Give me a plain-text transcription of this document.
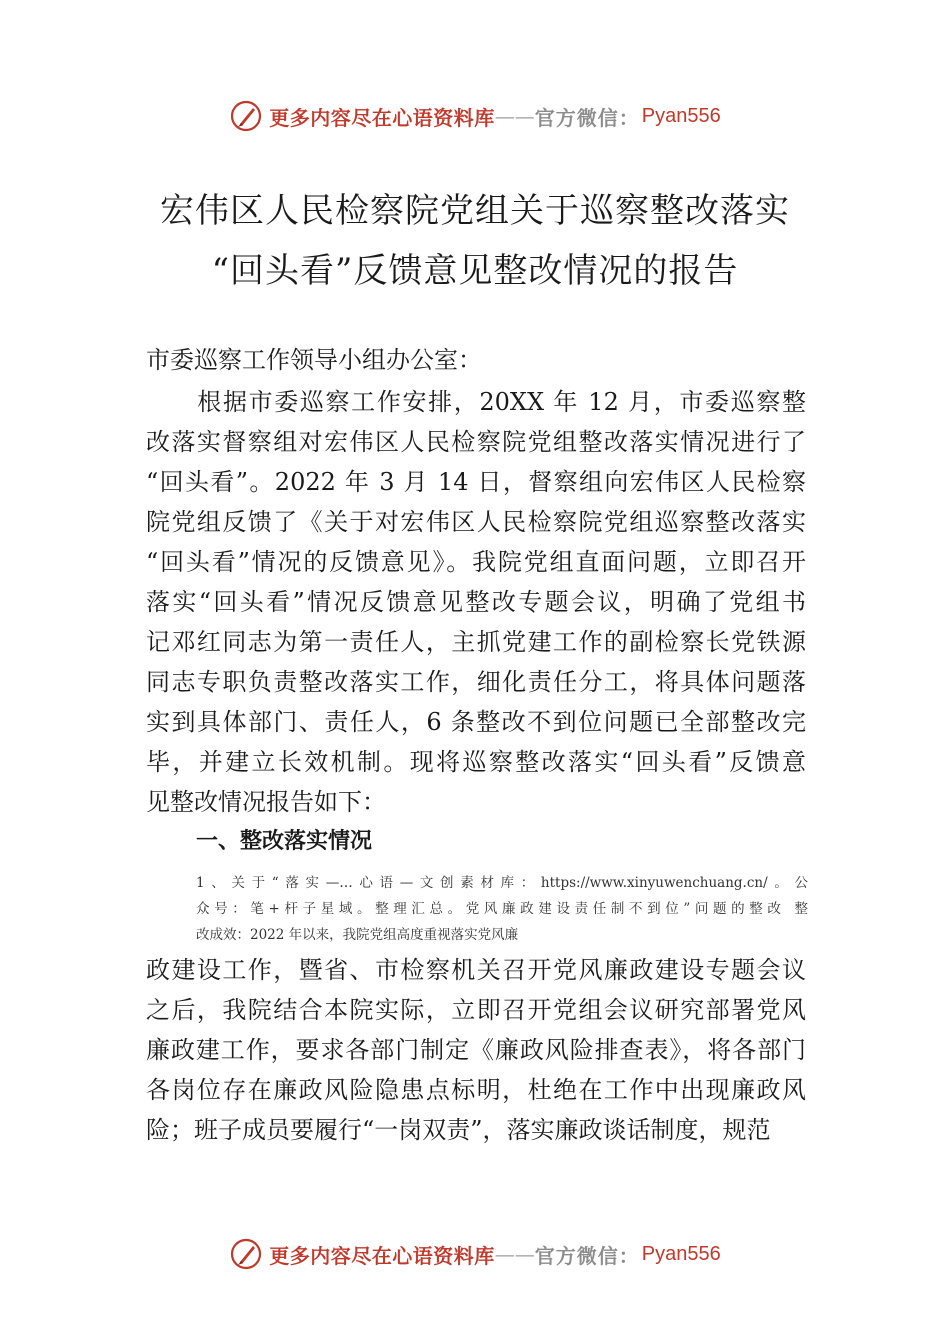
更多内容尽在心语资料库 —— 官方微信： Pyan556
宏伟区人民检察院党组关于巡察整改落实
“回头看”反馈意见整改情况的报告
市委巡察工作领导小组办公室：
　　根据市委巡察工作安排，20XX 年 12 月，市委巡察整
改落实督察组对宏伟区人民检察院党组整改落实情况进行了
“回头看”。2022 年 3 月 14 日，督察组向宏伟区人民检察
院党组反馈了《关于对宏伟区人民检察院党组巡察整改落实
“回头看”情况的反馈意见》。我院党组直面问题，立即召开
落实“回头看”情况反馈意见整改专题会议，明确了党组书
记邓红同志为第一责任人，主抓党建工作的副检察长党铁源
同志专职负责整改落实工作，细化责任分工，将具体问题落
实到具体部门、责任人，6 条整改不到位问题已全部整改完
毕，并建立长效机制。现将巡察整改落实“回头看”反馈意
见整改情况报告如下：
一、整改落实情况
1、关于“落实—…心语—文创素材库：https://www.xinyuwenchuang.cn/。公
众号：笔+杆子星域。整理汇总。党风廉政建设责任制不到位”问题的整改 整
改成效：2022 年以来，我院党组高度重视落实党风廉
政建设工作，暨省、市检察机关召开党风廉政建设专题会议
之后，我院结合本院实际，立即召开党组会议研究部署党风
廉政建工作，要求各部门制定《廉政风险排查表》，将各部门
各岗位存在廉政风险隐患点标明，杜绝在工作中出现廉政风
险；班子成员要履行“一岗双责”，落实廉政谈话制度，规范
更多内容尽在心语资料库 —— 官方微信： Pyan556
